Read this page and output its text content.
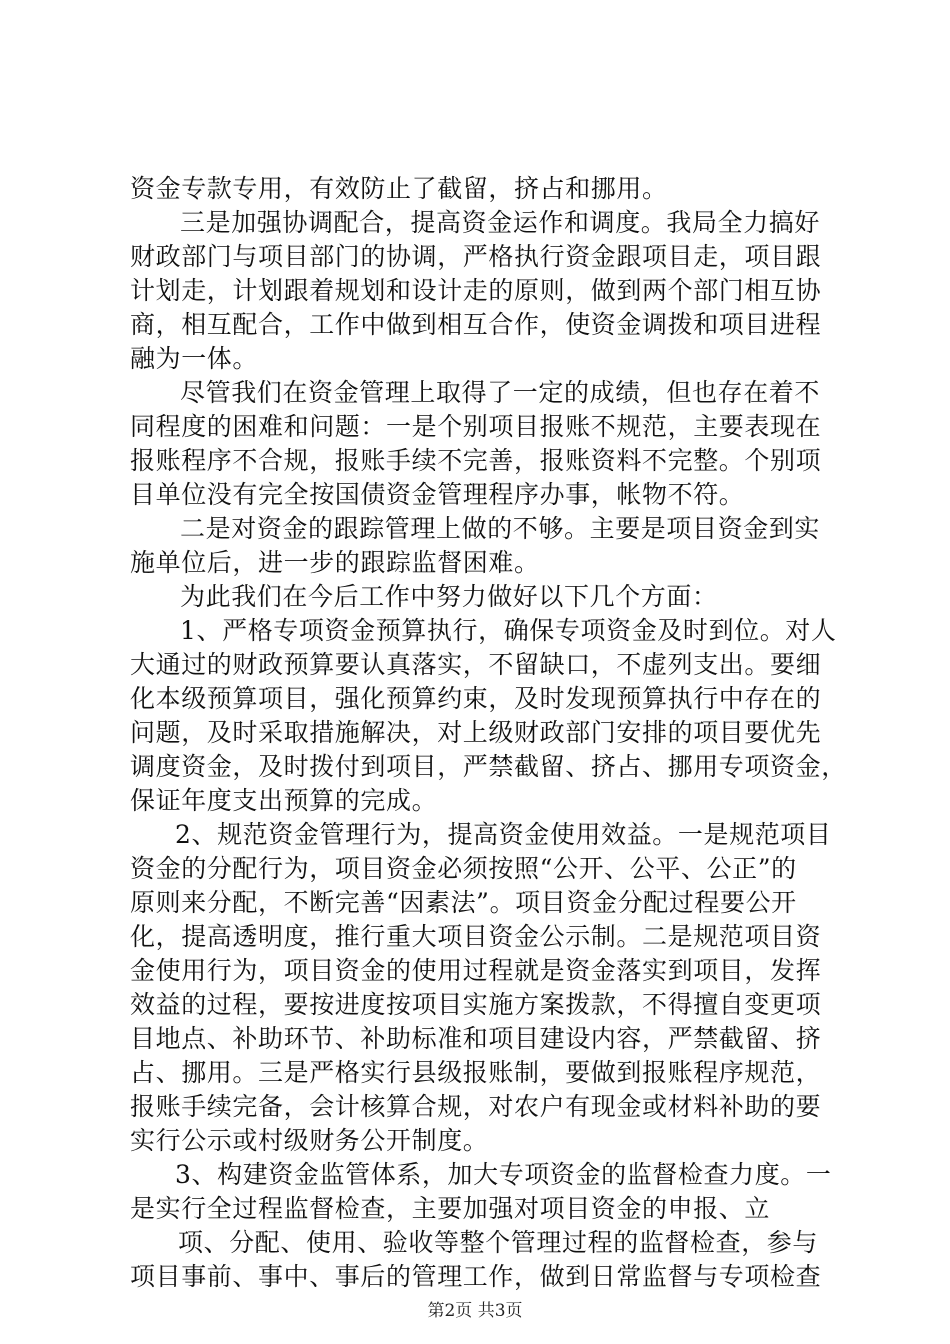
资金专款专用，有效防止了截留，挤占和挪用。
三是加强协调配合，提高资金运作和调度。我局全力搞好
财政部门与项目部门的协调，严格执行资金跟项目走，项目跟
计划走，计划跟着规划和设计走的原则，做到两个部门相互协
商，相互配合，工作中做到相互合作，使资金调拨和项目进程
融为一体。
尽管我们在资金管理上取得了一定的成绩，但也存在着不
同程度的困难和问题：一是个别项目报账不规范，主要表现在
报账程序不合规，报账手续不完善，报账资料不完整。个别项
目单位没有完全按国债资金管理程序办事，帐物不符。
二是对资金的跟踪管理上做的不够。主要是项目资金到实
施单位后，进一步的跟踪监督困难。
为此我们在今后工作中努力做好以下几个方面：
1、严格专项资金预算执行，确保专项资金及时到位。对人
大通过的财政预算要认真落实，不留缺口，不虚列支出。要细
化本级预算项目，强化预算约束，及时发现预算执行中存在的
问题，及时采取措施解决，对上级财政部门安排的项目要优先
调度资金，及时拨付到项目，严禁截留、挤占、挪用专项资金，
保证年度支出预算的完成。
2、规范资金管理行为，提高资金使用效益。一是规范项目
资金的分配行为，项目资金必须按照“公开、公平、公正”的
原则来分配，不断完善“因素法”。项目资金分配过程要公开
化，提高透明度，推行重大项目资金公示制。二是规范项目资
金使用行为，项目资金的使用过程就是资金落实到项目，发挥
效益的过程，要按进度按项目实施方案拨款，不得擅自变更项
目地点、补助环节、补助标准和项目建设内容，严禁截留、挤
占、挪用。三是严格实行县级报账制，要做到报账程序规范，
报账手续完备，会计核算合规，对农户有现金或材料补助的要
实行公示或村级财务公开制度。
3、构建资金监管体系，加大专项资金的监督检查力度。一
是实行全过程监督检查，主要加强对项目资金的申报、立
项、分配、使用、验收等整个管理过程的监督检查，参与
项目事前、事中、事后的管理工作，做到日常监督与专项检查
第2页 共3页
